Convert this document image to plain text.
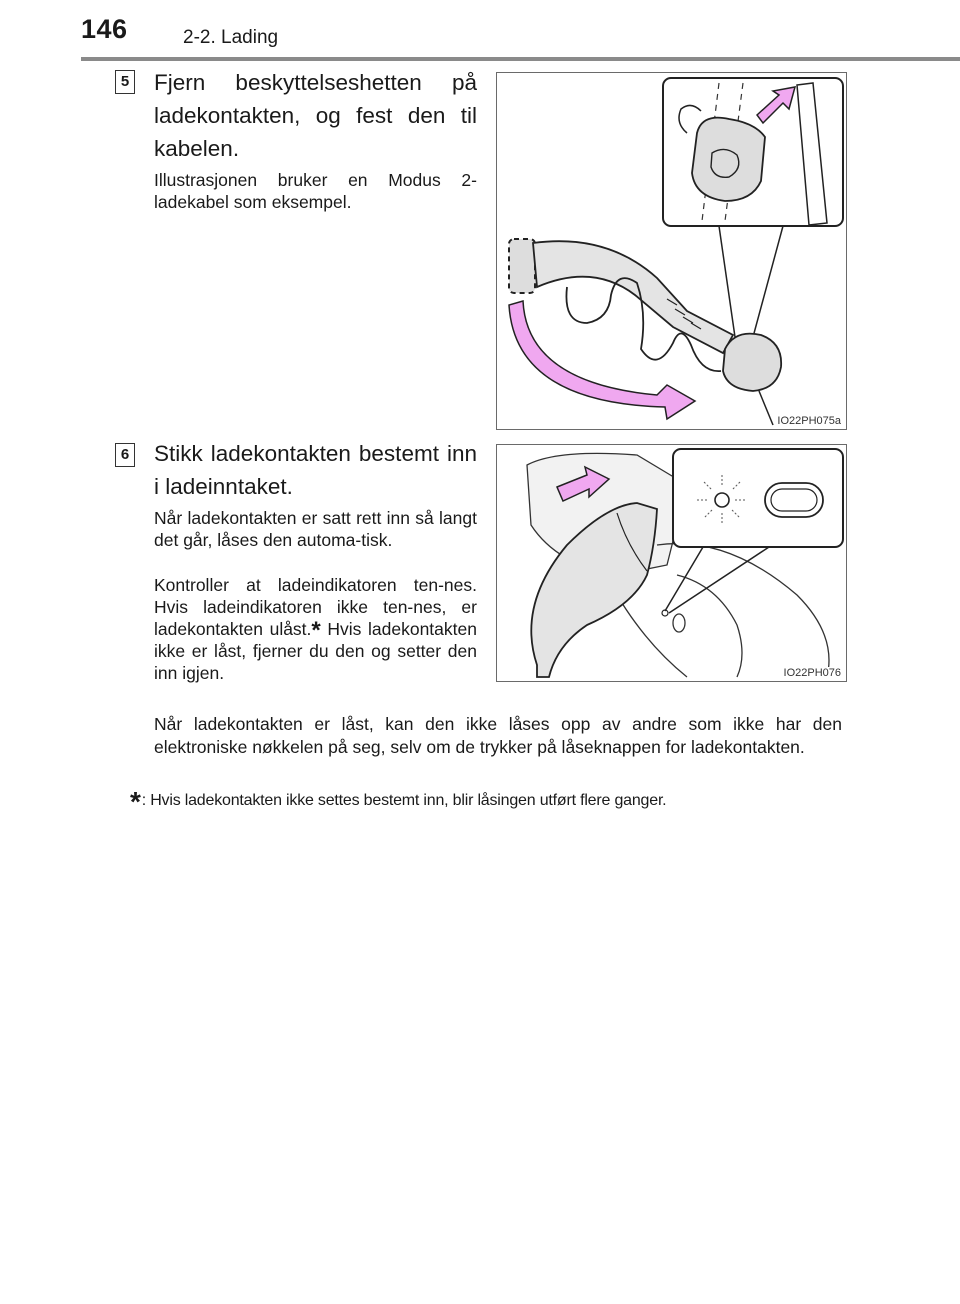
146	2-2. Lading
5 Fjern beskyttelseshetten på ladekontakten, og fest den til kabelen.
Illustrasjonen bruker en Modus 2-ladekabel som eksempel.
IO22PH075a
6 Stikk ladekontakten bestemt inn i ladeinntaket.
Når ladekontakten er satt rett inn så langt det går, låses den automa-tisk.
Kontroller at ladeindikatoren ten-nes. Hvis ladeindikatoren ikke ten-nes, er ladekontakten ulåst.* Hvis ladekontakten ikke er låst, fjerner du den og setter den inn igjen.	IO22PH076
Når ladekontakten er låst, kan den ikke låses opp av andre som ikke har den elektroniske nøkkelen på seg, selv om de trykker på låseknappen for ladekontakten.
*: Hvis ladekontakten ikke settes bestemt inn, blir låsingen utført flere ganger.
